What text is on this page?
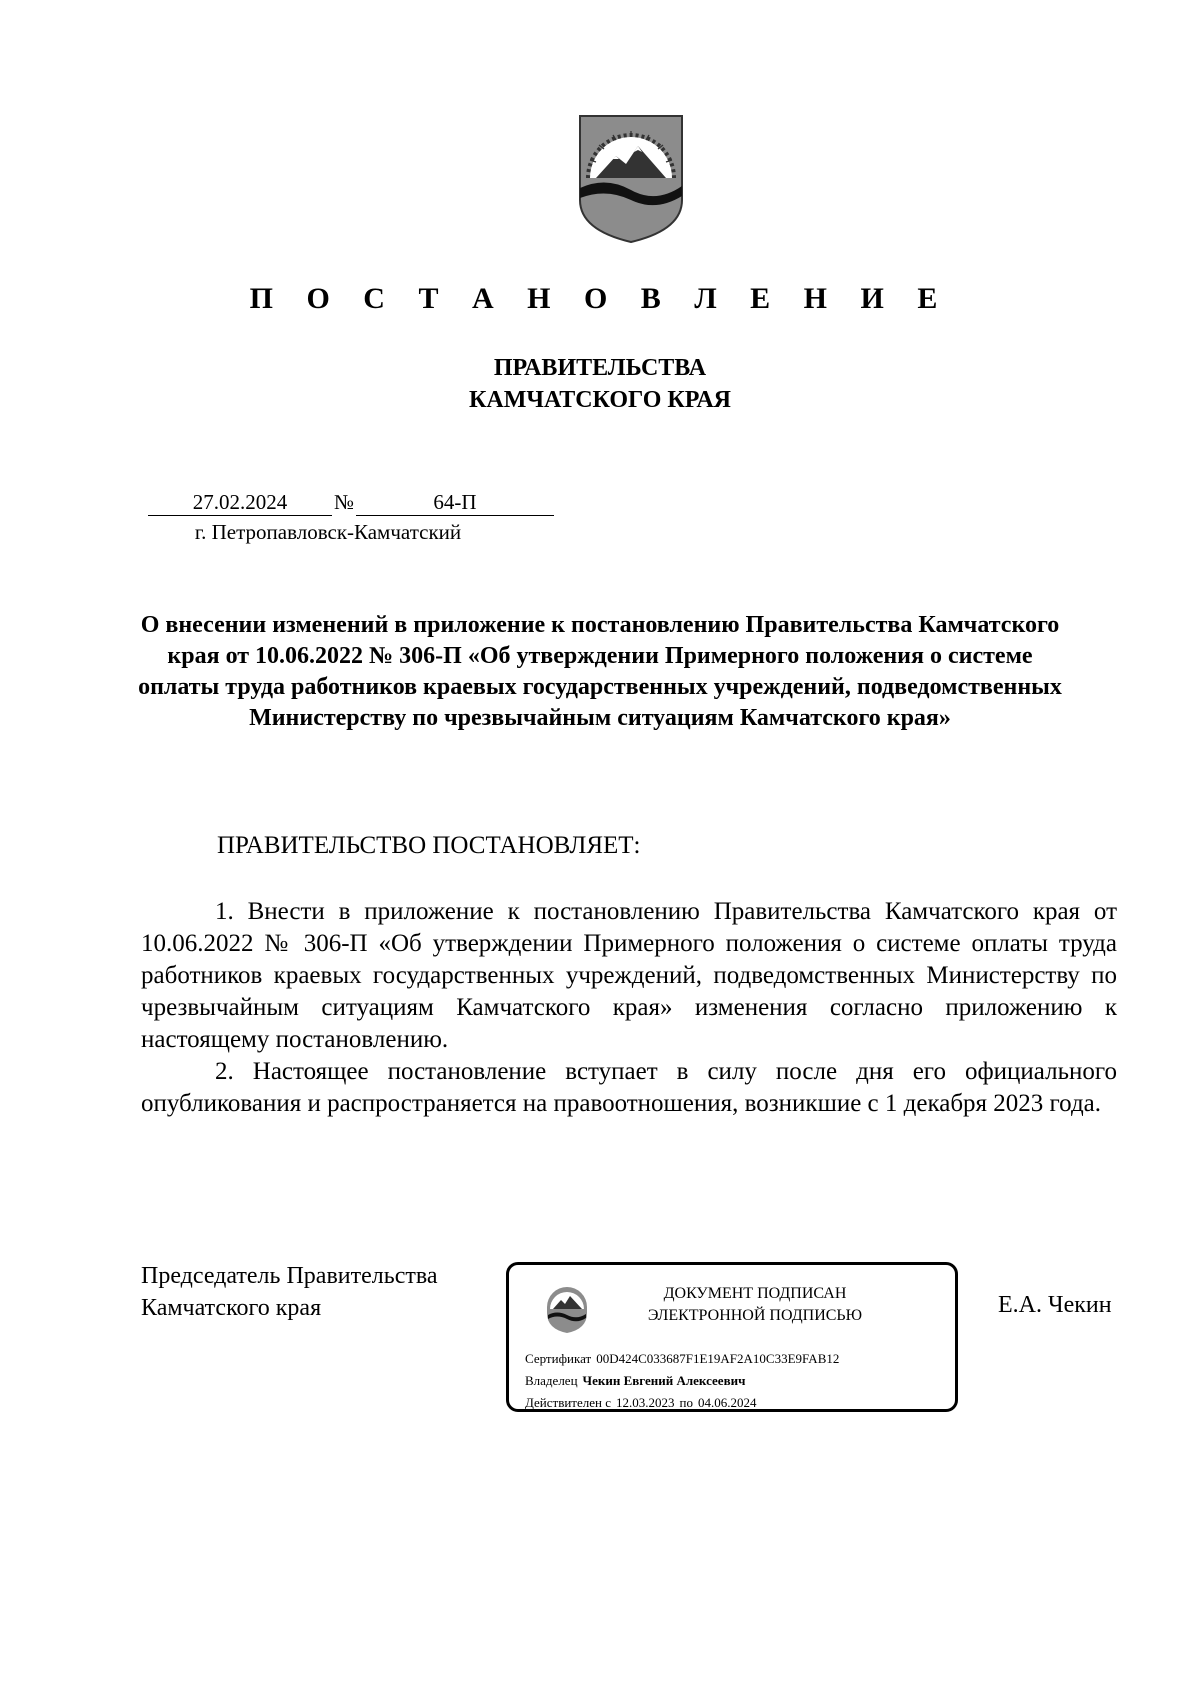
П О С Т А Н О В Л Е Н И Е
ПРАВИТЕЛЬСТВА
КАМЧАТСКОГО КРАЯ
27.02.2024	№	64-П
г. Петропавловск-Камчатский
О внесении изменений в приложение к постановлению Правительства Камчатского края от 10.06.2022 № 306-П «Об утверждении Примерного положения о системе оплаты труда работников краевых государственных учреждений, подведомственных Министерству по чрезвычайным ситуациям Камчатского края»
ПРАВИТЕЛЬСТВО ПОСТАНОВЛЯЕТ:

1. Внести в приложение к постановлению Правительства Камчатского края от 10.06.2022 № 306-П «Об утверждении Примерного положения о системе оплаты труда работников краевых государственных учреждений, подведомственных Министерству по чрезвычайным ситуациям Камчатского края» изменения согласно приложению к настоящему постановлению.

2. Настоящее постановление вступает в силу после дня его официального опубликования и распространяется на правоотношения, возникшие с 1 декабря 2023 года.

Председатель Правительства
Камчатского края
ДОКУМЕНТ ПОДПИСАН
ЭЛЕКТРОННОЙ ПОДПИСЬЮ
Сертификат 00D424C033687F1E19AF2A10C33E9FAB12
Владелец Чекин Евгений Алексеевич
Действителен с 12.03.2023 по 04.06.2024
Е.А. Чекин
